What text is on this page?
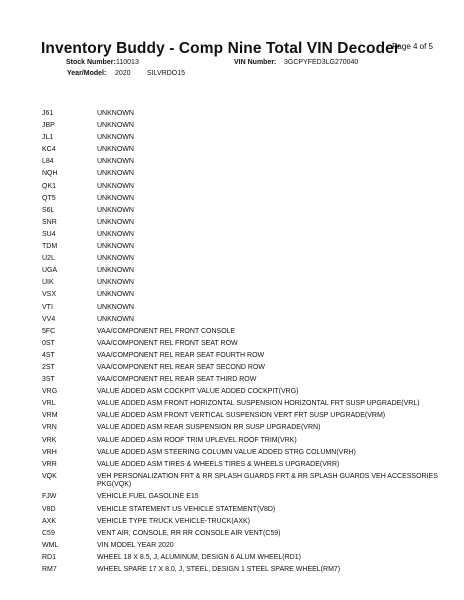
Inventory Buddy - Comp Nine Total VIN Decoder
Page 4 of 5
Stock Number: 110013	VIN Number: 3GCPYFED3LG270040
Year/Model: 2020 SILVRDO15
J61	UNKNOWN
JBP	UNKNOWN
JL1	UNKNOWN
KC4	UNKNOWN
L84	UNKNOWN
NQH	UNKNOWN
QK1	UNKNOWN
QT5	UNKNOWN
S6L	UNKNOWN
SNR	UNKNOWN
SU4	UNKNOWN
TDM	UNKNOWN
U2L	UNKNOWN
UGA	UNKNOWN
UIK	UNKNOWN
VSX	UNKNOWN
VTI	UNKNOWN
VV4	UNKNOWN
5FC	VAA/COMPONENT REL FRONT CONSOLE
0ST	VAA/COMPONENT REL FRONT SEAT ROW
4ST	VAA/COMPONENT REL REAR SEAT FOURTH ROW
2ST	VAA/COMPONENT REL REAR SEAT SECOND ROW
3ST	VAA/COMPONENT REL REAR SEAT THIRD ROW
VRG	VALUE ADDED ASM COCKPIT VALUE ADDED COCKPIT(VRG)
VRL	VALUE ADDED ASM FRONT HORIZONTAL SUSPENSION HORIZONTAL FRT SUSP UPGRADE(VRL)
VRM	VALUE ADDED ASM FRONT VERTICAL SUSPENSION VERT FRT SUSP UPGRADE(VRM)
VRN	VALUE ADDED ASM REAR SUSPENSION RR SUSP UPGRADE(VRN)
VRK	VALUE ADDED ASM ROOF TRIM UPLEVEL ROOF TRIM(VRK)
VRH	VALUE ADDED ASM STEERING COLUMN VALUE ADDED STRG COLUMN(VRH)
VRR	VALUE ADDED ASM TIRES & WHEELS TIRES & WHEELS UPGRADE(VRR)
VQK	VEH PERSONALIZATION FRT & RR SPLASH GUARDS FRT & RR SPLASH GUARDS VEH ACCESSORIES PKG(VQK)
FJW	VEHICLE FUEL GASOLINE E15
V8D	VEHICLE STATEMENT US VEHICLE STATEMENT(V8D)
AXK	VEHICLE TYPE TRUCK VEHICLE-TRUCK(AXK)
C59	VENT AIR, CONSOLE, RR RR CONSOLE AIR VENT(C59)
WML	VIN MODEL YEAR 2020
RD1	WHEEL 18 X 8.5, J, ALUMINUM, DESIGN 6 ALUM WHEEL(RD1)
RM7	WHEEL SPARE 17 X 8.0, J, STEEL, DESIGN 1 STEEL SPARE WHEEL(RM7)
